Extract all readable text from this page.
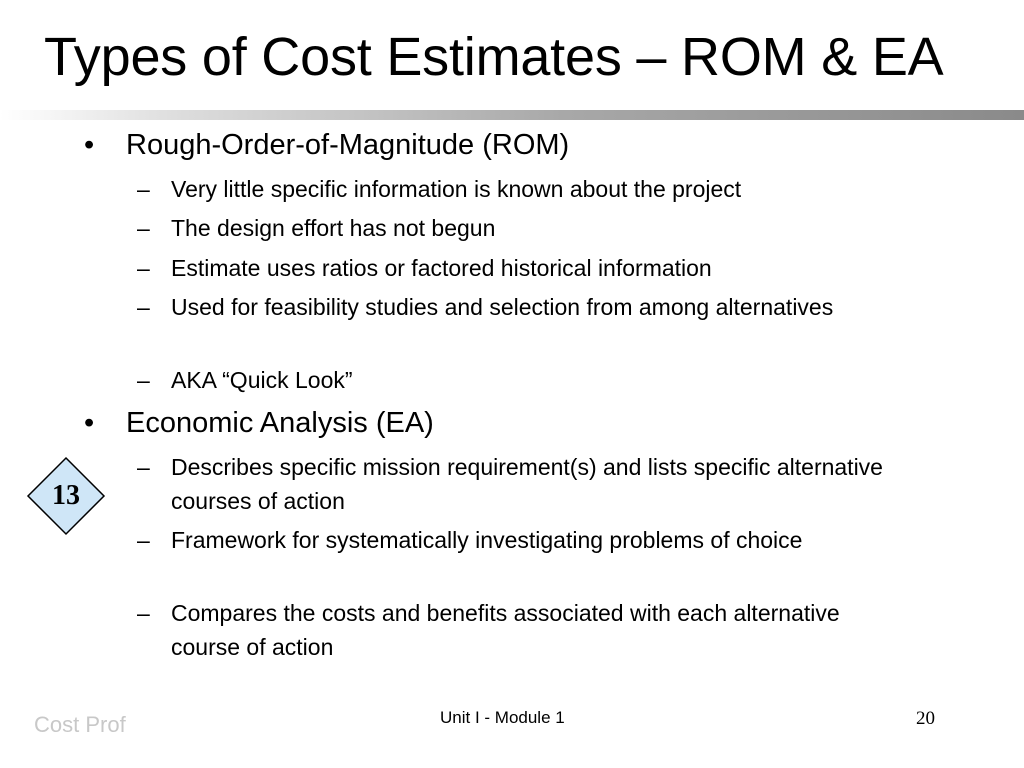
Types of Cost Estimates – ROM & EA
• Rough-Order-of-Magnitude (ROM)
– Very little specific information is known about the project
– The design effort has not begun
– Estimate uses ratios or factored historical information
– Used for feasibility studies and selection from among alternatives
– AKA “Quick Look”
• Economic Analysis (EA)
– Describes specific mission requirement(s) and lists specific alternative courses of action
– Framework for systematically investigating problems of choice
– Compares the costs and benefits associated with each alternative course of action
13
Cost Prof	Unit I - Module 1	20
